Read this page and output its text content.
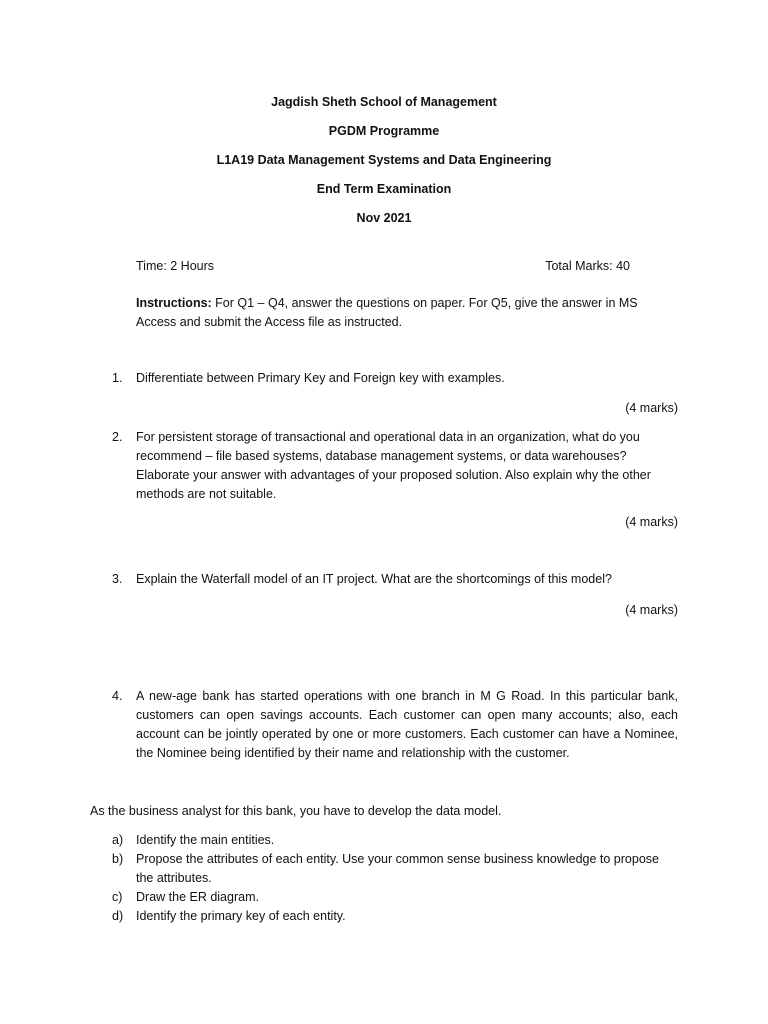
Jagdish Sheth School of Management
PGDM Programme
L1A19 Data Management Systems and Data Engineering
End Term Examination
Nov 2021
Time: 2 Hours	Total Marks: 40
Instructions: For Q1 – Q4, answer the questions on paper. For Q5, give the answer in MS Access and submit the Access file as instructed.
1.	Differentiate between Primary Key and Foreign key with examples.
(4 marks)
2.	For persistent storage of transactional and operational data in an organization, what do you recommend – file based systems, database management systems, or data warehouses? Elaborate your answer with advantages of your proposed solution. Also explain why the other methods are not suitable.
(4 marks)
3.	Explain the Waterfall model of an IT project. What are the shortcomings of this model?
(4 marks)
4.	A new-age bank has started operations with one branch in M G Road. In this particular bank, customers can open savings accounts. Each customer can open many accounts; also, each account can be jointly operated by one or more customers. Each customer can have a Nominee, the Nominee being identified by their name and relationship with the customer.
As the business analyst for this bank, you have to develop the data model.
a)	Identify the main entities.
b)	Propose the attributes of each entity. Use your common sense business knowledge to propose the attributes.
c)	Draw the ER diagram.
d)	Identify the primary key of each entity.
